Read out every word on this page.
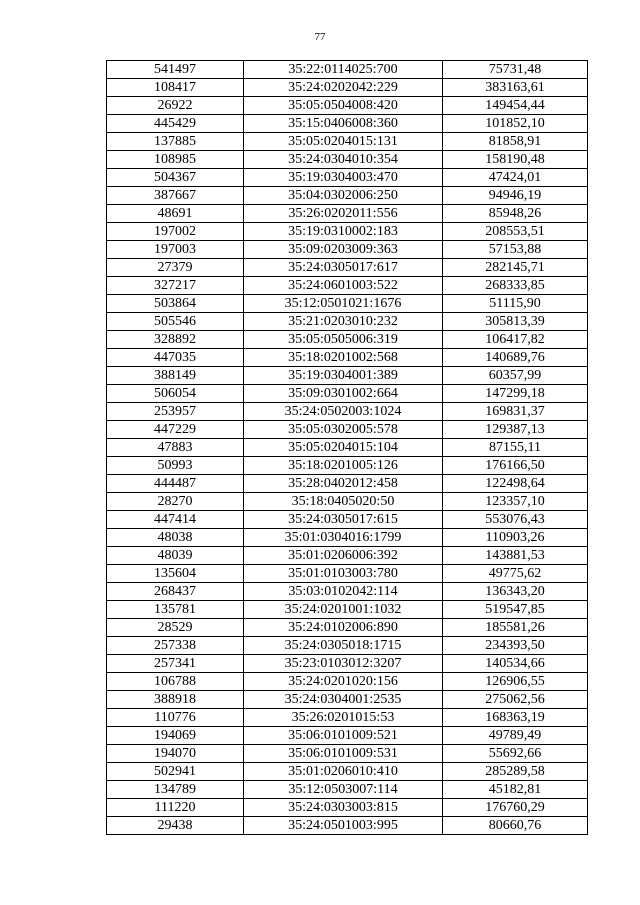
77
541497	35:22:0114025:700	75731,48
108417	35:24:0202042:229	383163,61
26922	35:05:0504008:420	149454,44
445429	35:15:0406008:360	101852,10
137885	35:05:0204015:131	81858,91
108985	35:24:0304010:354	158190,48
504367	35:19:0304003:470	47424,01
387667	35:04:0302006:250	94946,19
48691	35:26:0202011:556	85948,26
197002	35:19:0310002:183	208553,51
197003	35:09:0203009:363	57153,88
27379	35:24:0305017:617	282145,71
327217	35:24:0601003:522	268333,85
503864	35:12:0501021:1676	51115,90
505546	35:21:0203010:232	305813,39
328892	35:05:0505006:319	106417,82
447035	35:18:0201002:568	140689,76
388149	35:19:0304001:389	60357,99
506054	35:09:0301002:664	147299,18
253957	35:24:0502003:1024	169831,37
447229	35:05:0302005:578	129387,13
47883	35:05:0204015:104	87155,11
50993	35:18:0201005:126	176166,50
444487	35:28:0402012:458	122498,64
28270	35:18:0405020:50	123357,10
447414	35:24:0305017:615	553076,43
48038	35:01:0304016:1799	110903,26
48039	35:01:0206006:392	143881,53
135604	35:01:0103003:780	49775,62
268437	35:03:0102042:114	136343,20
135781	35:24:0201001:1032	519547,85
28529	35:24:0102006:890	185581,26
257338	35:24:0305018:1715	234393,50
257341	35:23:0103012:3207	140534,66
106788	35:24:0201020:156	126906,55
388918	35:24:0304001:2535	275062,56
110776	35:26:0201015:53	168363,19
194069	35:06:0101009:521	49789,49
194070	35:06:0101009:531	55692,66
502941	35:01:0206010:410	285289,58
134789	35:12:0503007:114	45182,81
111220	35:24:0303003:815	176760,29
29438	35:24:0501003:995	80660,76
